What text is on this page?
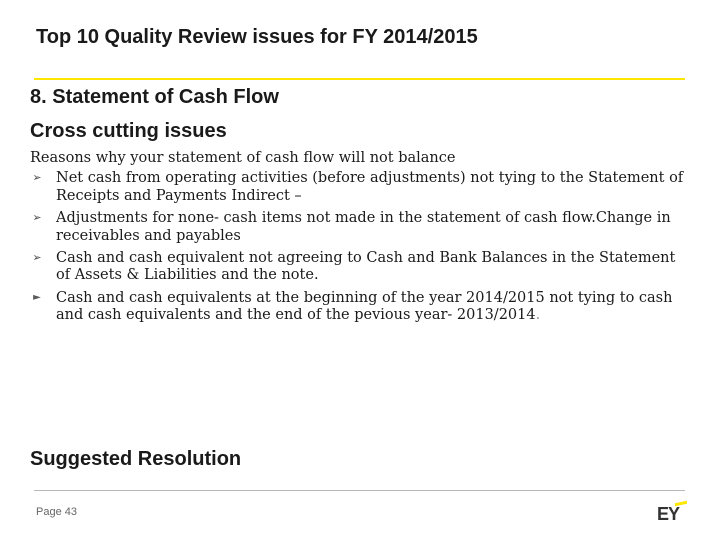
Top 10 Quality Review issues for FY 2014/2015
8. Statement of Cash Flow
Cross cutting issues

Reasons why your statement of cash flow will not balance

➢ Net cash from operating activities (before adjustments) not tying to the Statement of Receipts and Payments Indirect –
➢ Adjustments for none- cash items not made in the statement of cash flow.Change in receivables and payables
➢ Cash and cash equivalent not agreeing to Cash and Bank Balances in the Statement of Assets & Liabilities and the note.
► Cash and cash equivalents at the beginning of the year 2014/2015 not tying to cash and cash equivalents and the end of the pevious year- 2013/2014.
Suggested Resolution
Page 43	EY
